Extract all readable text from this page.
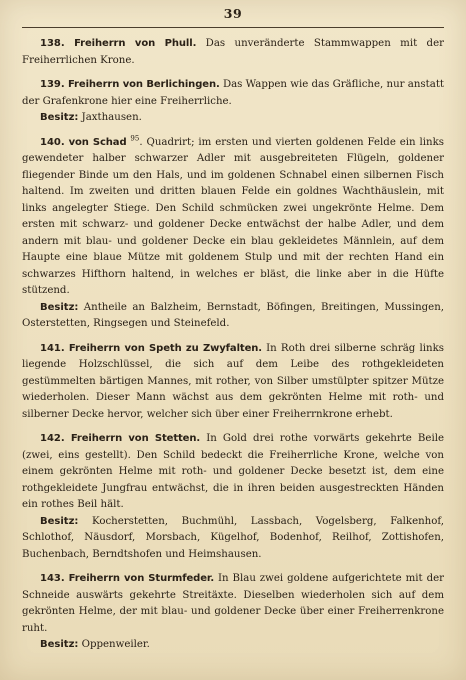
39

138. Freiherrn von Phull. Das unveränderte Stammwappen mit der Freiherrlichen Krone.

139. Freiherrn von Berlichingen. Das Wappen wie das Gräfliche, nur anstatt der Grafenkrone hier eine Freiherrliche.

Besitz: Jaxthausen.

140. von Schad $^{95}$. Quadrirt; im ersten und vierten goldenen Felde ein links gewendeter halber schwarzer Adler mit ausgebreiteten Flügeln, goldener fliegender Binde um den Hals, und im goldenen Schnabel einen silbernen Fisch haltend. Im zweiten und dritten blauen Felde ein goldnes Wachthäuslein, mit links angelegter Stiege. Den Schild schmücken zwei ungekrönte Helme. Dem ersten mit schwarz- und goldener Decke entwächst der halbe Adler, und dem andern mit blau- und goldener Decke ein blau gekleidetes Männlein, auf dem Haupte eine blaue Mütze mit goldenem Stulp und mit der rechten Hand ein schwarzes Hifthorn haltend, in welches er bläst, die linke aber in die Hüfte stützend.

Besitz: Antheile an Balzheim, Bernstadt, Böfingen, Breitingen, Mussingen, Osterstetten, Ringsegen und Steinefeld.

141. Freiherrn von Speth zu Zwyfalten. In Roth drei silberne schräg links liegende Holzschlüssel, die sich auf dem Leibe des rothgekleideten gestümmelten bärtigen Mannes, mit rother, von Silber umstülpter spitzer Mütze wiederholen. Dieser Mann wächst aus dem gekrönten Helme mit roth- und silberner Decke hervor, welcher sich über einer Freiherrnkrone erhebt.

142. Freiherrn von Stetten. In Gold drei rothe vorwärts gekehrte Beile (zwei, eins gestellt). Den Schild bedeckt die Freiherrliche Krone, welche von einem gekrönten Helme mit roth- und goldener Decke besetzt ist, dem eine rothgekleidete Jungfrau entwächst, die in ihren beiden ausgestreckten Händen ein rothes Beil hält.

Besitz: Kocherstetten, Buchmühl, Lassbach, Vogelsberg, Falkenhof, Schlothof, Näusdorf, Morsbach, Kügelhof, Bodenhof, Reilhof, Zottishofen, Buchenbach, Berndtshofen und Heimshausen.

143. Freiherrn von Sturmfeder. In Blau zwei goldene aufgerichtete mit der Schneide auswärts gekehrte Streitäxte. Dieselben wiederholen sich auf dem gekrönten Helme, der mit blau- und goldener Decke über einer Freiherrenkrone ruht.

Besitz: Oppenweiler.
